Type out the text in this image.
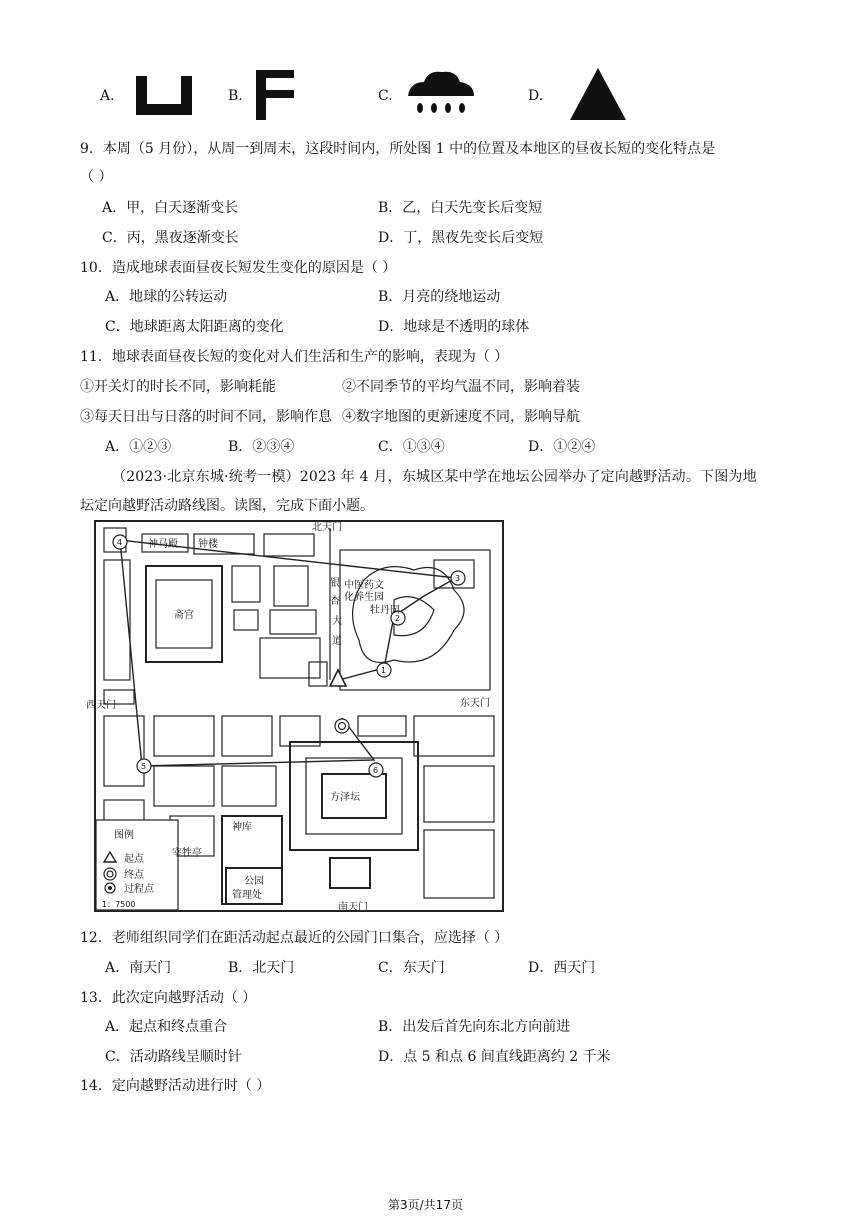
A.	B.	C.	D.
9．本周（5 月份），从周一到周末，这段时间内，所处图 1 中的位置及本地区的昼夜长短的变化特点是
（ ）
A．甲，白天逐渐变长	B．乙，白天先变长后变短
C．丙，黑夜逐渐变长	D．丁，黑夜先变长后变短
10．造成地球表面昼夜长短发生变化的原因是（ ）
A．地球的公转运动	B．月亮的绕地运动
C．地球距离太阳距离的变化	D．地球是不透明的球体
11．地球表面昼夜长短的变化对人们生活和生产的影响，表现为（ ）
①开关灯的时长不同，影响耗能	②不同季节的平均气温不同，影响着装
③每天日出与日落的时间不同，影响作息 ④数字地图的更新速度不同，影响导航
A．①②③	B．②③④	C．①③④	D．①②④
（2023·北京东城·统考一模）2023 年 4 月，东城区某中学在地坛公园举办了定向越野活动。下图为地
坛定向越野活动路线图。读图，完成下面小题。
1
2
3
4
5	6
北天门
南天门
东天门
西天门
神马殿 钟楼
斋宫
银
杏
大
道
中医药文
化养生园
牡丹园
方泽坛
神库
宰牲亭
公园
管理处
图例
起点
终点
过程点
1：7500
12．老师组织同学们在距活动起点最近的公园门口集合，应选择（ ）
A．南天门	B．北天门	C．东天门	D．西天门
13．此次定向越野活动（ ）
A．起点和终点重合	B．出发后首先向东北方向前进
C．活动路线呈顺时针	D．点 5 和点 6 间直线距离约 2 千米
14．定向越野活动进行时（ ）
第3页/共17页
